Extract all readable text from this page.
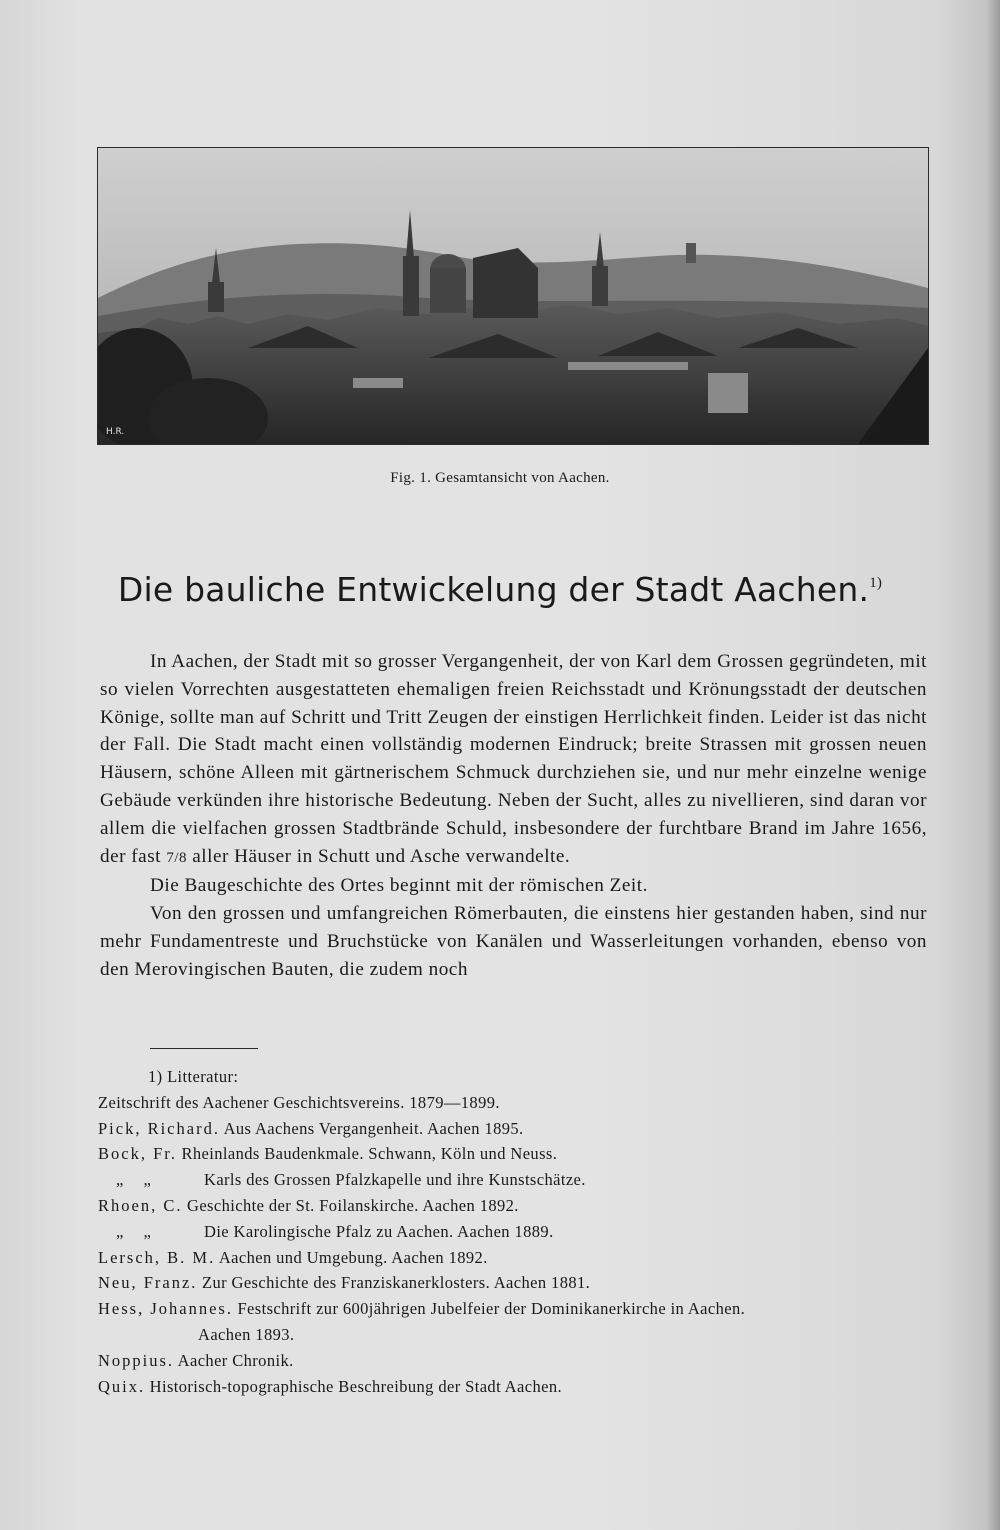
H.R.
Fig. 1. Gesamtansicht von Aachen.
Die bauliche Entwickelung der Stadt Aachen.$^{1)}$

In Aachen, der Stadt mit so grosser Vergangenheit, der von Karl dem Grossen gegründeten, mit so vielen Vorrechten ausgestatteten ehemaligen freien Reichsstadt und Krönungsstadt der deutschen Könige, sollte man auf Schritt und Tritt Zeugen der einstigen Herrlichkeit finden. Leider ist das nicht der Fall. Die Stadt macht einen vollständig modernen Eindruck; breite Strassen mit grossen neuen Häusern, schöne Alleen mit gärtnerischem Schmuck durchziehen sie, und nur mehr einzelne wenige Gebäude verkünden ihre historische Bedeutung. Neben der Sucht, alles zu nivellieren, sind daran vor allem die vielfachen grossen Stadtbrände Schuld, insbesondere der furchtbare Brand im Jahre 1656, der fast 7/8 aller Häuser in Schutt und Asche verwandelte.

Die Baugeschichte des Ortes beginnt mit der römischen Zeit.

Von den grossen und umfangreichen Römerbauten, die einstens hier gestanden haben, sind nur mehr Fundamentreste und Bruchstücke von Kanälen und Wasserleitungen vorhanden, ebenso von den Merovingischen Bauten, die zudem noch

1) Litteratur:
Zeitschrift des Aachener Geschichtsvereins. 1879—1899.
Pick, Richard. Aus Aachens Vergangenheit. Aachen 1895.
Bock, Fr. Rheinlands Baudenkmale. Schwann, Köln und Neuss.
„ „	Karls des Grossen Pfalzkapelle und ihre Kunstschätze.
Rhoen, C. Geschichte der St. Foilanskirche. Aachen 1892.
„ „	Die Karolingische Pfalz zu Aachen. Aachen 1889.
Lersch, B. M. Aachen und Umgebung. Aachen 1892.
Neu, Franz. Zur Geschichte des Franziskanerklosters. Aachen 1881.
Hess, Johannes. Festschrift zur 600jährigen Jubelfeier der Dominikanerkirche in Aachen.
Aachen 1893.
Noppius. Aacher Chronik.
Quix. Historisch-topographische Beschreibung der Stadt Aachen.
